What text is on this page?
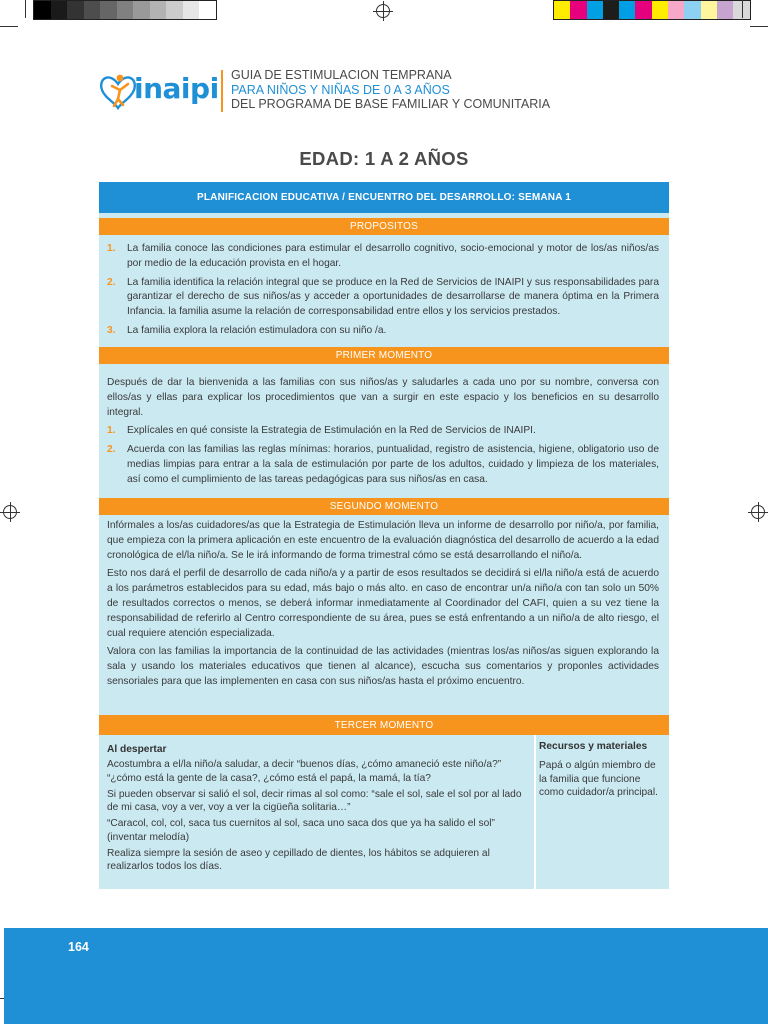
inaipi GUIA DE ESTIMULACION TEMPRANA
PARA NIÑOS Y NIÑAS DE 0 A 3 AÑOS
DEL PROGRAMA DE BASE FAMILIAR Y COMUNITARIA
EDAD: 1 A 2 AÑOS
PLANIFICACION EDUCATIVA / ENCUENTRO DEL DESARROLLO: SEMANA 1
PROPOSITOS
1. La familia conoce las condiciones para estimular el desarrollo cognitivo, socio-emocional y motor de los/as niños/as por medio de la educación provista en el hogar.
2. La familia identifica la relación integral que se produce en la Red de Servicios de INAIPI y sus responsabilidades para garantizar el derecho de sus niños/as y acceder a oportunidades de desarrollarse de manera óptima en la Primera Infancia. la familia asume la relación de corresponsabilidad entre ellos y los servicios prestados.
3. La familia explora la relación estimuladora con su niño /a.
PRIMER MOMENTO

Después de dar la bienvenida a las familias con sus niños/as y saludarles a cada uno por su nombre, conversa con ellos/as y ellas para explicar los procedimientos que van a surgir en este espacio y los beneficios en su desarrollo integral.

1. Explícales en qué consiste la Estrategia de Estimulación en la Red de Servicios de INAIPI.
2. Acuerda con las familias las reglas mínimas: horarios, puntualidad, registro de asistencia, higiene, obligatorio uso de medias limpias para entrar a la sala de estimulación por parte de los adultos, cuidado y limpieza de los materiales, así como el cumplimiento de las tareas pedagógicas para sus niños/as en casa.
SEGUNDO MOMENTO

Infórmales a los/as cuidadores/as que la Estrategia de Estimulación lleva un informe de desarrollo por niño/a, por familia, que empieza con la primera aplicación en este encuentro de la evaluación diagnóstica del desarrollo de acuerdo a la edad cronológica de el/la niño/a. Se le irá informando de forma trimestral cómo se está desarrollando el niño/a.

Esto nos dará el perfil de desarrollo de cada niño/a y a partir de esos resultados se decidirá si el/la niño/a está de acuerdo a los parámetros establecidos para su edad, más bajo o más alto. en caso de encontrar un/a niño/a con tan solo un 50% de resultados correctos o menos, se deberá informar inmediatamente al Coordinador del CAFI, quien a su vez tiene la responsabilidad de referirlo al Centro correspondiente de su área, pues se está enfrentando a un niño/a de alto riesgo, el cual requiere atención especializada.

Valora con las familias la importancia de la continuidad de las actividades (mientras los/as niños/as siguen explorando la sala y usando los materiales educativos que tienen al alcance), escucha sus comentarios y proponles actividades sensoriales para que las implementen en casa con sus niños/as hasta el próximo encuentro.

TERCER MOMENTO
Al despertar

Acostumbra a el/la niño/a saludar, a decir “buenos días, ¿cómo amaneció este niño/a?” “¿cómo está la gente de la casa?, ¿cómo está el papá, la mamá, la tía?

Si pueden observar si salió el sol, decir rimas al sol como: “sale el sol, sale el sol por al lado de mi casa, voy a ver, voy a ver la cigüeña solitaria…”

“Caracol, col, col, saca tus cuernitos al sol, saca uno saca dos que ya ha salido el sol” (inventar melodía)

Realiza siempre la sesión de aseo y cepillado de dientes, los hábitos se adquieren al realizarlos todos los días.

Recursos y materiales

Papá o algún miembro de la familia que funcione como cuidador/a principal.

164
